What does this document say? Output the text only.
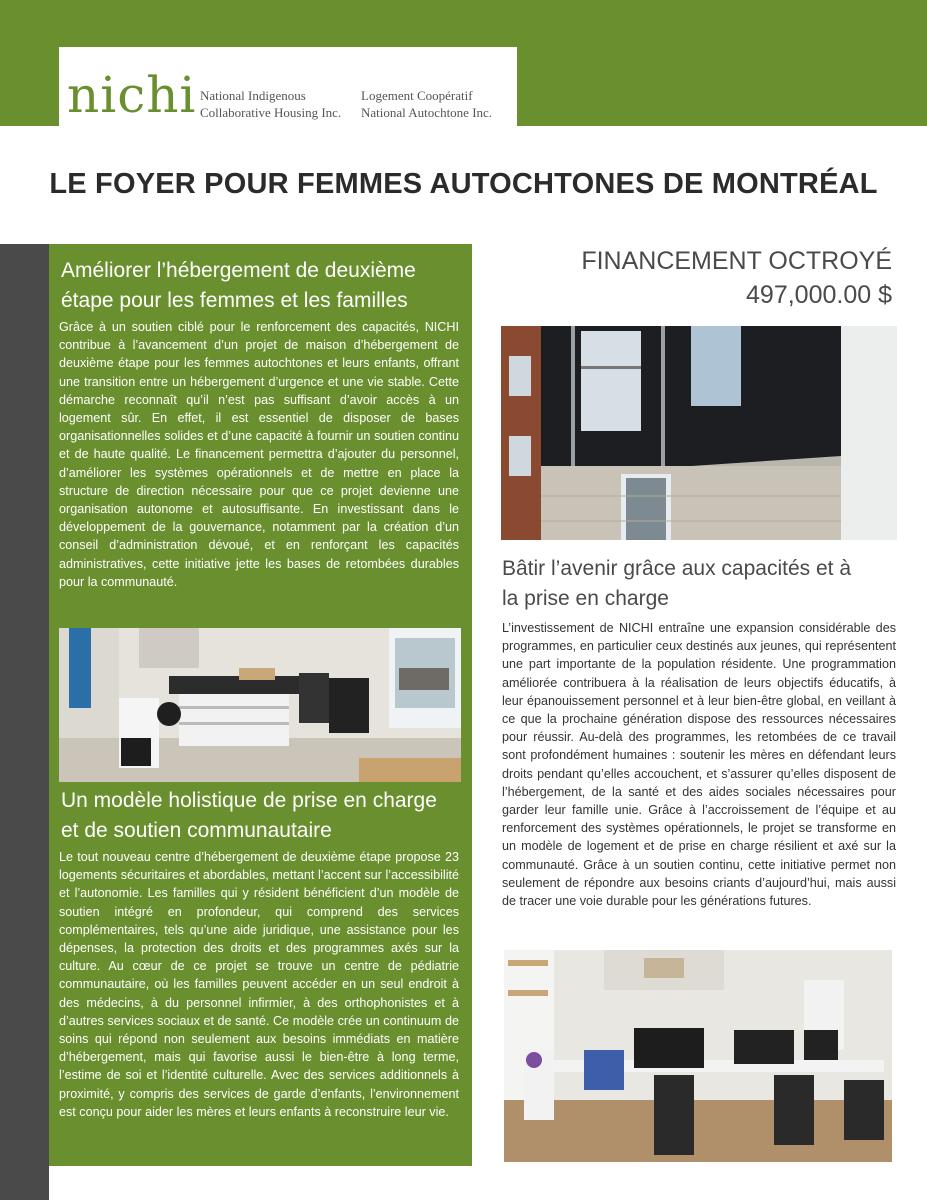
nichi National Indigenous
Collaborative Housing Inc.
Logement Coopératif
National Autochtone Inc.
LE FOYER POUR FEMMES AUTOCHTONES DE MONTRÉAL
Améliorer l’hébergement de deuxième
étape pour les femmes et les familles

Grâce à un soutien ciblé pour le renforcement des capacités, NICHI contribue à l’avancement d’un projet de maison d’hébergement de deuxième étape pour les femmes autochtones et leurs enfants, offrant une transition entre un hébergement d’urgence et une vie stable. Cette démarche reconnaît qu’il n’est pas suffisant d’avoir accès à un logement sûr. En effet, il est essentiel de disposer de bases organisationnelles solides et d’une capacité à fournir un soutien continu et de haute qualité. Le financement permettra d’ajouter du personnel, d’améliorer les systèmes opérationnels et de mettre en place la structure de direction nécessaire pour que ce projet devienne une organisation autonome et autosuffisante. En investissant dans le développement de la gouvernance, notamment par la création d’un conseil d’administration dévoué, et en renforçant les capacités administratives, cette initiative jette les bases de retombées durables pour la communauté.

Un modèle holistique de prise en charge
et de soutien communautaire

Le tout nouveau centre d’hébergement de deuxième étape propose 23 logements sécuritaires et abordables, mettant l’accent sur l’accessibilité et l’autonomie. Les familles qui y résident bénéficient d’un modèle de soutien intégré en profondeur, qui comprend des services complémentaires, tels qu’une aide juridique, une assistance pour les dépenses, la protection des droits et des programmes axés sur la culture. Au cœur de ce projet se trouve un centre de pédiatrie communautaire, où les familles peuvent accéder en un seul endroit à des médecins, à du personnel infirmier, à des orthophonistes et à d’autres services sociaux et de santé. Ce modèle crée un continuum de soins qui répond non seulement aux besoins immédiats en matière d’hébergement, mais qui favorise aussi le bien-être à long terme, l’estime de soi et l’identité culturelle. Avec des services additionnels à proximité, y compris des services de garde d’enfants, l’environnement est conçu pour aider les mères et leurs enfants à reconstruire leur vie.

FINANCEMENT OCTROYÉ
497,000.00 $
Bâtir l’avenir grâce aux capacités et à
la prise en charge

L’investissement de NICHI entraîne une expansion considérable des programmes, en particulier ceux destinés aux jeunes, qui représentent une part importante de la population résidente. Une programmation améliorée contribuera à la réalisation de leurs objectifs éducatifs, à leur épanouissement personnel et à leur bien-être global, en veillant à ce que la prochaine génération dispose des ressources nécessaires pour réussir. Au-delà des programmes, les retombées de ce travail sont profondément humaines : soutenir les mères en défendant leurs droits pendant qu’elles accouchent, et s’assurer qu’elles disposent de l’hébergement, de la santé et des aides sociales nécessaires pour garder leur famille unie. Grâce à l’accroissement de l’équipe et au renforcement des systèmes opérationnels, le projet se transforme en un modèle de logement et de prise en charge résilient et axé sur la communauté. Grâce à un soutien continu, cette initiative permet non seulement de répondre aux besoins criants d’aujourd’hui, mais aussi de tracer une voie durable pour les générations futures.
